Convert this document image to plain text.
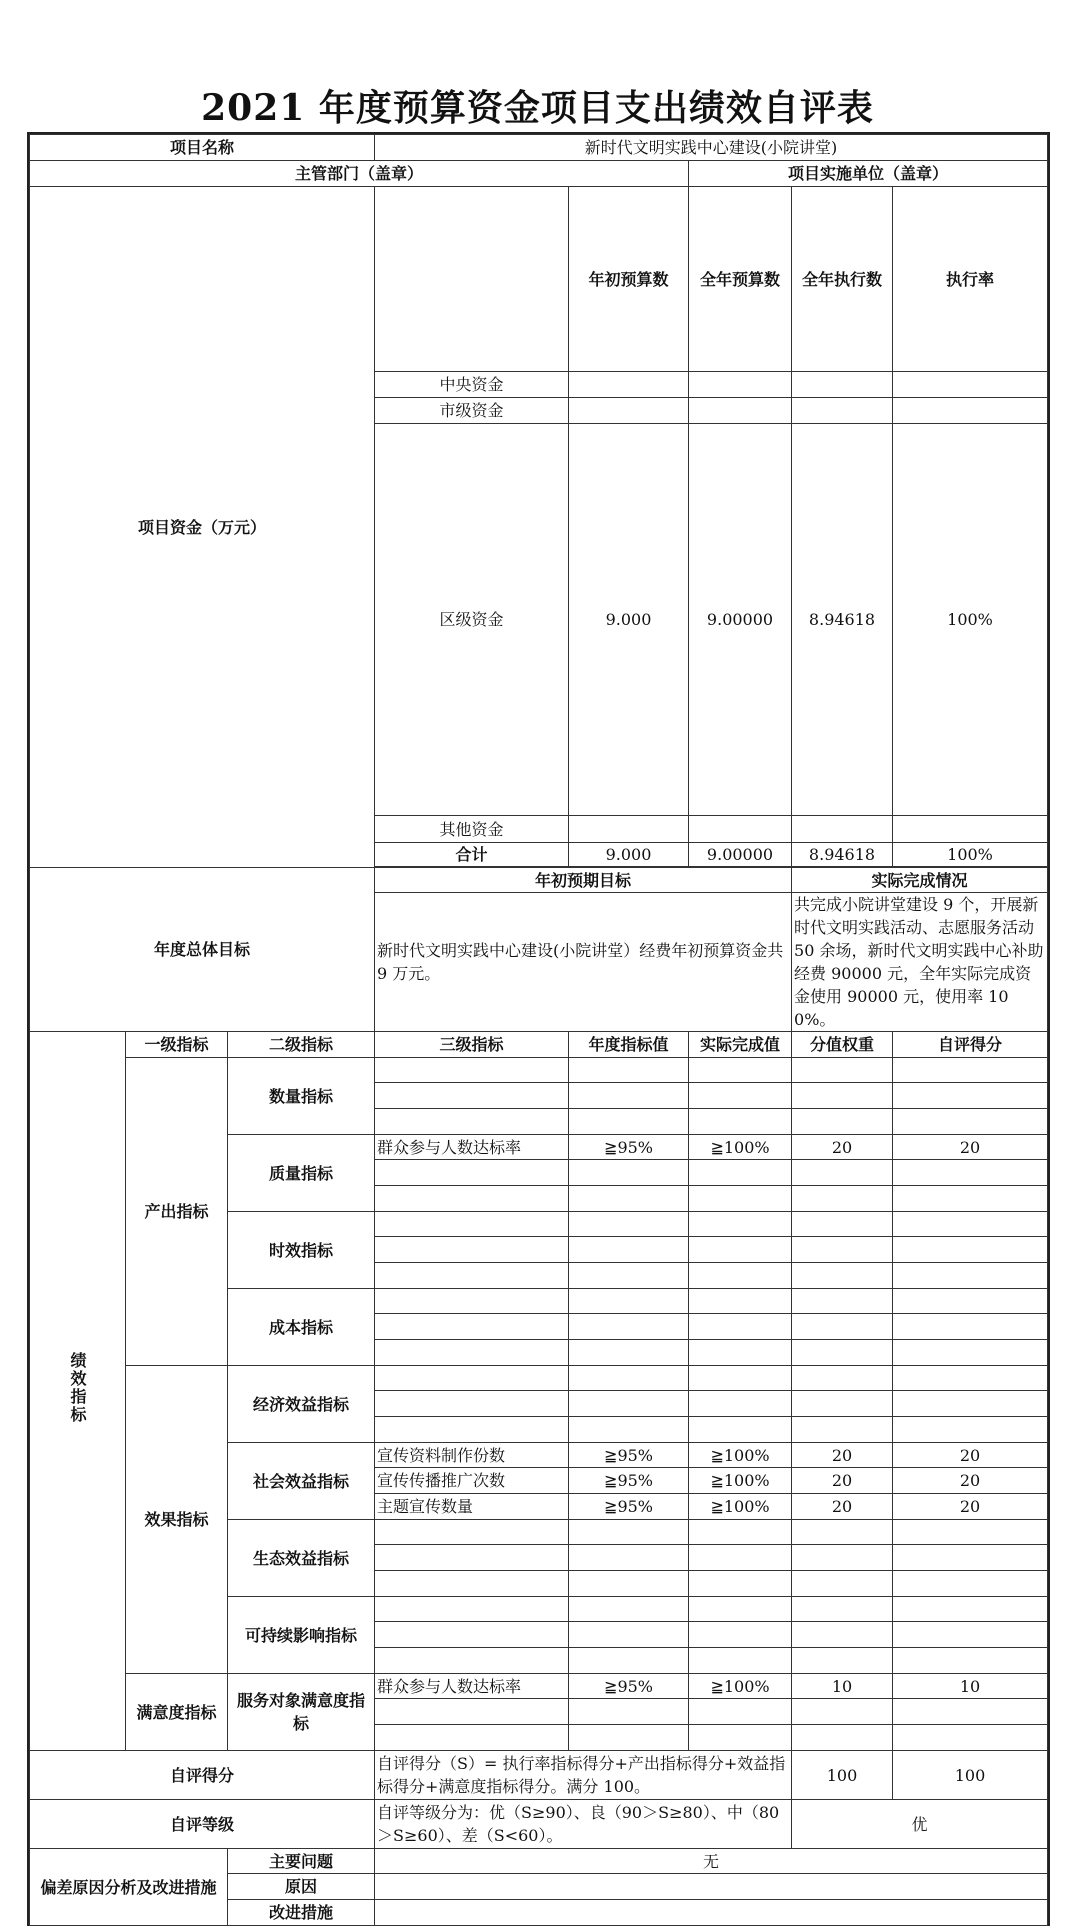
2021 年度预算资金项目支出绩效自评表
项目名称			新时代文明实践中心建设(小院讲堂)					
主管部门（盖章）					项目实施单位（盖章）			
项目资金（万元）				年初预算数	全年预算数	全年执行数	执行率	
			中央资金					
			市级资金					
			区级资金	9.000	9.00000	8.94618	100%	
			其他资金					
			合计	9.000	9.00000	8.94618	100%	

年度总体目标			年初预期目标			实际完成情况		
			新时代文明实践中心建设(小院讲堂）经费年初预算资金共 9 万元。			共完成小院讲堂建设 9 个，开展新时代文明实践活动、志愿服务活动 50 余场，新时代文明实践中心补助经费 90000 元，全年实际完成资金使用 90000 元，使用率 100%。		
绩效指标	一级指标	二级指标	三级指标	年度指标值	实际完成值	分值权重	自评得分	
	产出指标	数量指标						

		质量指标	群众参与人数达标率	≧95%	≧100%	20	20	

		时效指标						

		成本指标						

	效果指标	经济效益指标						

		社会效益指标	宣传资料制作份数	≧95%	≧100%	20	20	
			宣传传播推广次数	≧95%	≧100%	20	20	
			主题宣传数量	≧95%	≧100%	20	20	
		生态效益指标						

		可持续影响指标						

	满意度指标	服务对象满意度指标	群众参与人数达标率	≧95%	≧100%	10	10	

自评得分			自评得分（S）= 执行率指标得分+产出指标得分+效益指标得分+满意度指标得分。满分 100。			100	100	
自评等级			自评等级分为：优（S≥90）、良（90＞S≥80）、中（80＞S≥60）、差（S<60）。			优		
偏差原因分析及改进措施		主要问题	无					
		原因						
		改进措施						
